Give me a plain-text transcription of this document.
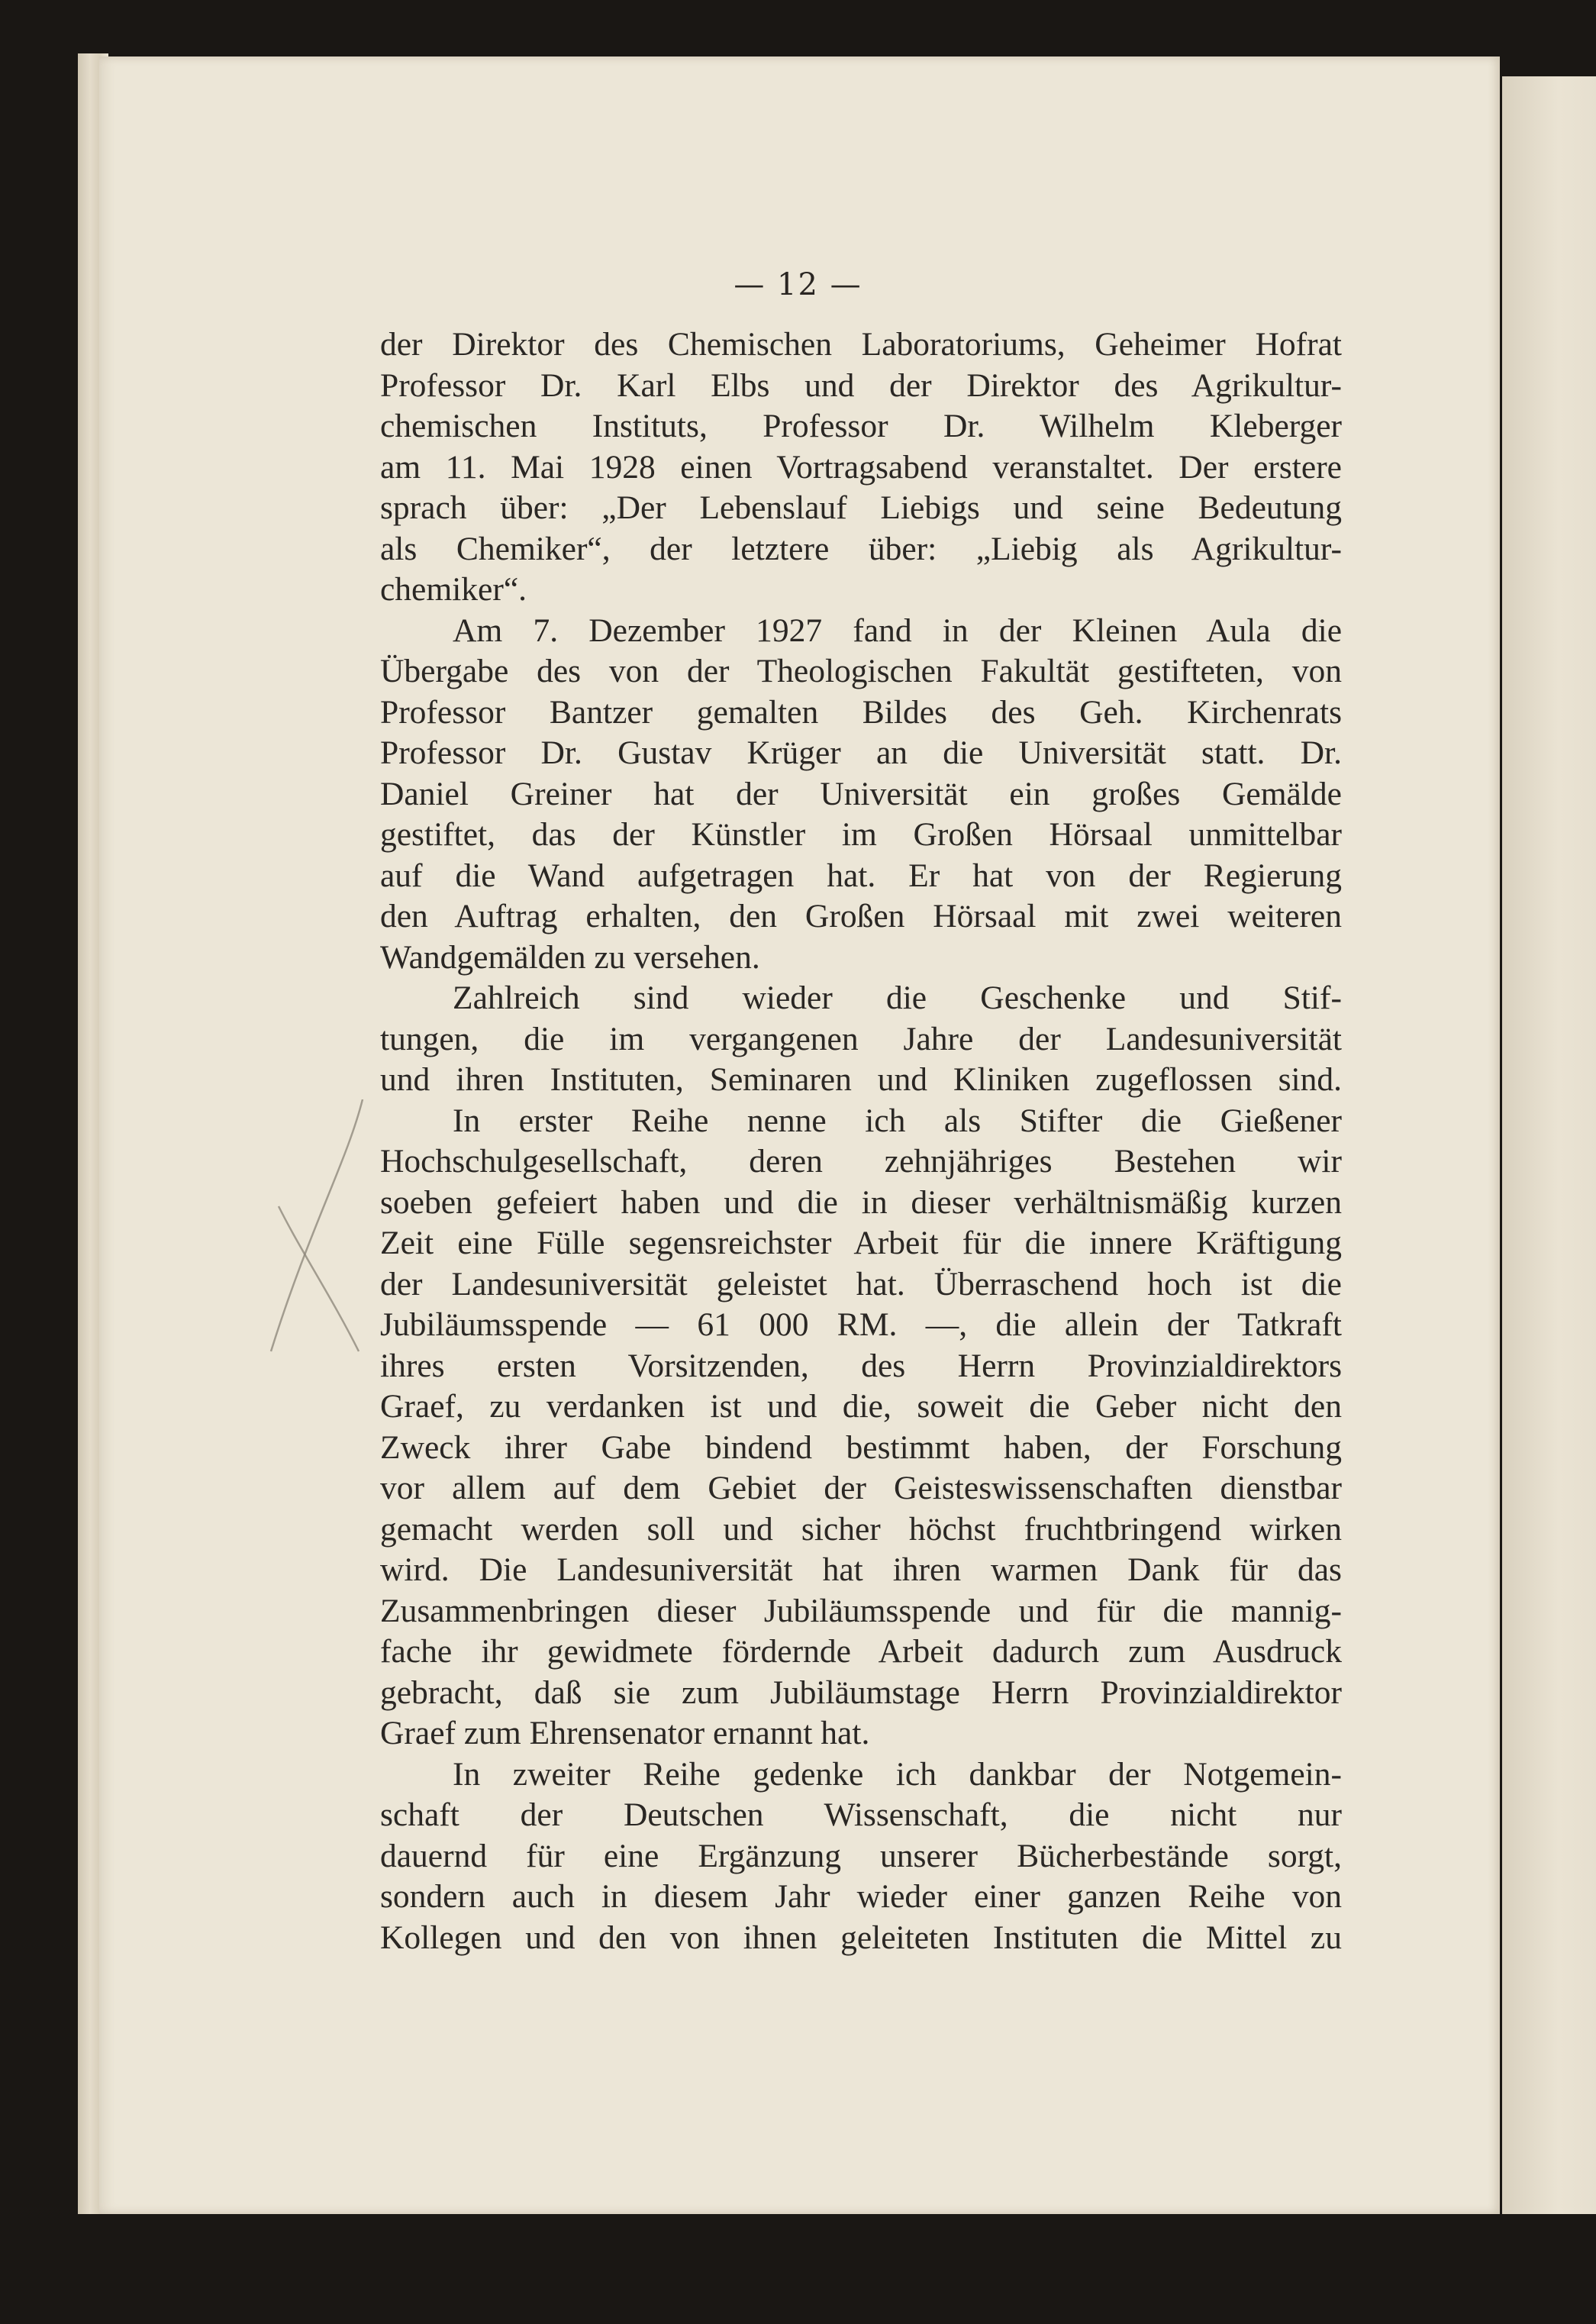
— 12 —
der Direktor des Chemischen Laboratoriums, Geheimer Hofrat
Professor Dr. Karl Elbs und der Direktor des Agrikultur-
chemischen Instituts, Professor Dr. Wilhelm Kleberger
am 11. Mai 1928 einen Vortragsabend veranstaltet. Der erstere
sprach über: „Der Lebenslauf Liebigs und seine Bedeutung
als Chemiker“, der letztere über: „Liebig als Agrikultur-
chemiker“.
Am 7. Dezember 1927 fand in der Kleinen Aula die
Übergabe des von der Theologischen Fakultät gestifteten, von
Professor Bantzer gemalten Bildes des Geh. Kirchenrats
Professor Dr. Gustav Krüger an die Universität statt. Dr.
Daniel Greiner hat der Universität ein großes Gemälde
gestiftet, das der Künstler im Großen Hörsaal unmittelbar
auf die Wand aufgetragen hat. Er hat von der Regierung
den Auftrag erhalten, den Großen Hörsaal mit zwei weiteren
Wandgemälden zu versehen.
Zahlreich sind wieder die Geschenke und Stif-
tungen, die im vergangenen Jahre der Landesuniversität
und ihren Instituten, Seminaren und Kliniken zugeflossen sind.
In erster Reihe nenne ich als Stifter die Gießener
Hochschulgesellschaft, deren zehnjähriges Bestehen wir
soeben gefeiert haben und die in dieser verhältnismäßig kurzen
Zeit eine Fülle segensreichster Arbeit für die innere Kräftigung
der Landesuniversität geleistet hat. Überraschend hoch ist die
Jubiläumsspende — 61 000 RM. —, die allein der Tatkraft
ihres ersten Vorsitzenden, des Herrn Provinzialdirektors
Graef, zu verdanken ist und die, soweit die Geber nicht den
Zweck ihrer Gabe bindend bestimmt haben, der Forschung
vor allem auf dem Gebiet der Geisteswissenschaften dienstbar
gemacht werden soll und sicher höchst fruchtbringend wirken
wird. Die Landesuniversität hat ihren warmen Dank für das
Zusammenbringen dieser Jubiläumsspende und für die mannig-
fache ihr gewidmete fördernde Arbeit dadurch zum Ausdruck
gebracht, daß sie zum Jubiläumstage Herrn Provinzialdirektor
Graef zum Ehrensenator ernannt hat.
In zweiter Reihe gedenke ich dankbar der Notgemein-
schaft der Deutschen Wissenschaft, die nicht nur
dauernd für eine Ergänzung unserer Bücherbestände sorgt,
sondern auch in diesem Jahr wieder einer ganzen Reihe von
Kollegen und den von ihnen geleiteten Instituten die Mittel zu
